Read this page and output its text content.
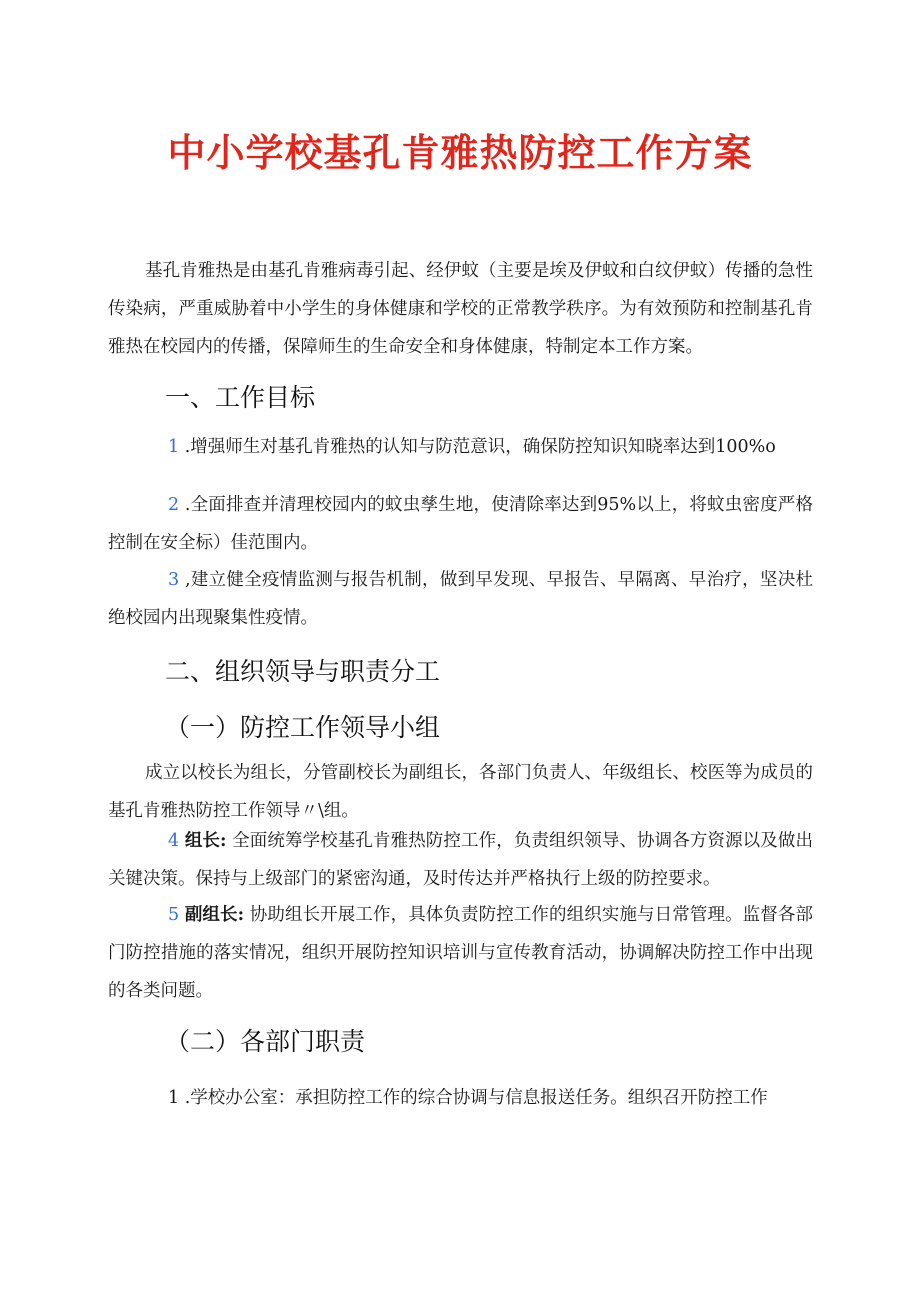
中小学校基孔肯雅热防控工作方案
基孔肯雅热是由基孔肯雅病毒引起、经伊蚊（主要是埃及伊蚊和白纹伊蚊）传播的急性传染病，严重威胁着中小学生的身体健康和学校的正常教学秩序。为有效预防和控制基孔肯雅热在校园内的传播，保障师生的生命安全和身体健康，特制定本工作方案。
一、工作目标
1 .增强师生对基孔肯雅热的认知与防范意识，确保防控知识知晓率达到100%o
2 .全面排查并清理校园内的蚊虫孳生地，使清除率达到95%以上，将蚊虫密度严格控制在安全标）佳范围内。
3 ,建立健全疫情监测与报告机制，做到早发现、早报告、早隔离、早治疗，坚决杜绝校园内出现聚集性疫情。
二、组织领导与职责分工
（一）防控工作领导小组
成立以校长为组长，分管副校长为副组长，各部门负责人、年级组长、校医等为成员的基孔肯雅热防控工作领导〃\组。
4 组长: 全面统筹学校基孔肯雅热防控工作，负责组织领导、协调各方资源以及做出关键决策。保持与上级部门的紧密沟通，及时传达并严格执行上级的防控要求。
5 副组长: 协助组长开展工作，具体负责防控工作的组织实施与日常管理。监督各部门防控措施的落实情况，组织开展防控知识培训与宣传教育活动，协调解决防控工作中出现的各类问题。
（二）各部门职责
1 .学校办公室：承担防控工作的综合协调与信息报送任务。组织召开防控工作
